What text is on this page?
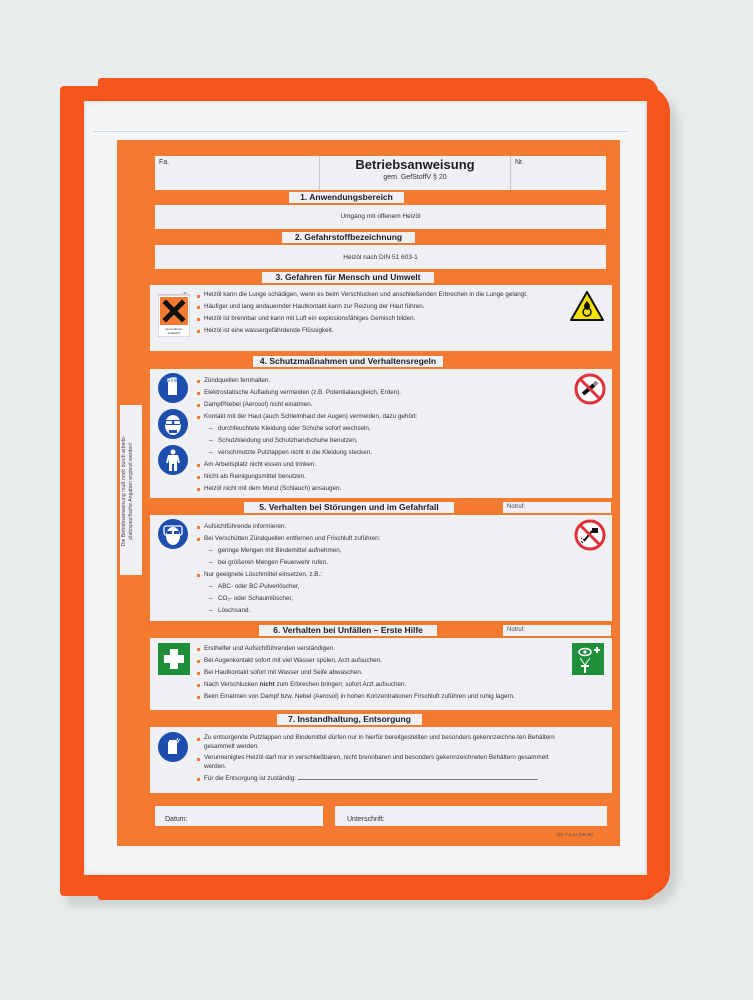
Fa.	Betriebsanweisung
gem. GefStoffV § 20
Nr.
1. Anwendungsbereich
Umgang mit offenem Heizöl
2. Gefahrstoffbezeichnung
Heizöl nach DIN 51 603-1
3. Gefahren für Mensch und Umwelt
Gesundheits-
schädlich
Xn	Heizöl kann die Lunge schädigen, wenn es beim Verschlucken und anschließenden Erbrechen in die Lunge gelangt.
Häufiger und lang andauernder Hautkontakt kann zur Reizung der Haut führen.
Heizöl ist brennbar und kann mit Luft ein explosionsfähiges Gemisch bilden.
Heizöl ist eine wassergefährdende Flüssigkeit.
4. Schutzmaßnahmen und Verhaltensregeln
Zündquellen fernhalten.
Elektrostatische Aufladung vermeiden (z.B. Potentialausgleich, Erden).
Dampf/Nebel (Aerosol) nicht einatmen.
Kontakt mit der Haut (auch Schleimhaut der Augen) vermeiden, dazu gehört:
– durchfeuchtete Kleidung oder Schuhe sofort wechseln,
– Schutzkleidung und Schutzhandschuhe benutzen,
– verschmutzte Putzlappen nicht in die Kleidung stecken.
Am Arbeitsplatz nicht essen und trinken.
Nicht als Reinigungsmittel benutzen.
Heizöl nicht mit dem Mund (Schlauch) ansaugen.
Die Betriebsanweisung muß noch durch arbeits- platzspezifische Angaben ergänzt werden!	5. Verhalten bei Störungen und im Gefahrfall	Notruf:
Aufsichtführende informieren.
Bei Verschütten Zündquellen entfernen und Frischluft zuführen:
– geringe Mengen mit Bindemittel aufnehmen,
– bei größeren Mengen Feuerwehr rufen.
Nur geeignete Löschmittel einsetzen, z.B.:
– ABC- oder BC-Pulverlöscher,
– CO₂- oder Schaumlöscher,
– Löschsand.
6. Verhalten bei Unfällen – Erste Hilfe	Notruf:
Ersthelfer und Aufsichtführenden verständigen.
Bei Augenkontakt sofort mit viel Wasser spülen, Arzt aufsuchen.
Bei Hautkontakt sofort mit Wasser und Seife abwaschen.
Nach Verschlucken nicht zum Erbrechen bringen; sofort Arzt aufsuchen.
Beim Einatmen von Dampf bzw. Nebel (Aerosol) in hohen Konzentrationen Frischluft zuführen und ruhig lagern.
7. Instandhaltung, Entsorgung
Zu entsorgende Putzlappen und Bindemittel dürfen nur in hierfür bereitgestellten und besonders gekennzeichne-ten Behältern gesammelt werden.
Verunreinigtes Heizöl darf nur in verschließbaren, nicht brennbaren und besonders gekennzeichneten Behältern gesammelt werden.
Für die Entsorgung ist zuständig:
Datum:	Unterschrift:
BG-7.3.34 (09.98)
